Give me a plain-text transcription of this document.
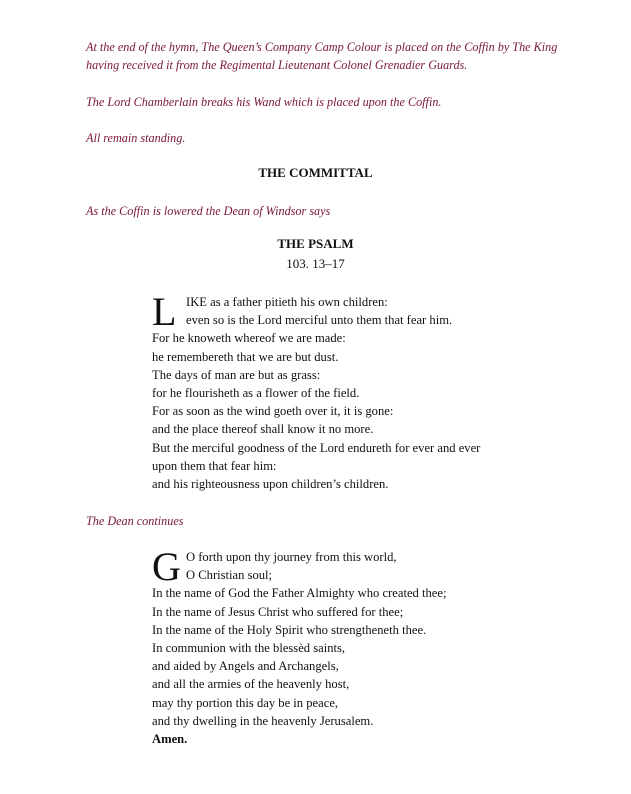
At the end of the hymn, The Queen’s Company Camp Colour is placed on the Coffin by The King
having received it from the Regimental Lieutenant Colonel Grenadier Guards.

The Lord Chamberlain breaks his Wand which is placed upon the Coffin.

All remain standing.

THE COMMITTAL

As the Coffin is lowered the Dean of Windsor says

THE PSALM

103. 13–17

L IKE as a father pitieth his own children:
even so is the Lord merciful unto them that fear him.
For he knoweth whereof we are made:
he remembereth that we are but dust.
The days of man are but as grass:
for he flourisheth as a flower of the field.
For as soon as the wind goeth over it, it is gone:
and the place thereof shall know it no more.
But the merciful goodness of the Lord endureth for ever and ever
upon them that fear him:
and his righteousness upon children’s children.

The Dean continues

G O forth upon thy journey from this world,
O Christian soul;
In the name of God the Father Almighty who created thee;
In the name of Jesus Christ who suffered for thee;
In the name of the Holy Spirit who strengtheneth thee.
In communion with the blessèd saints,
and aided by Angels and Archangels,
and all the armies of the heavenly host,
may thy portion this day be in peace,
and thy dwelling in the heavenly Jerusalem.
Amen.
